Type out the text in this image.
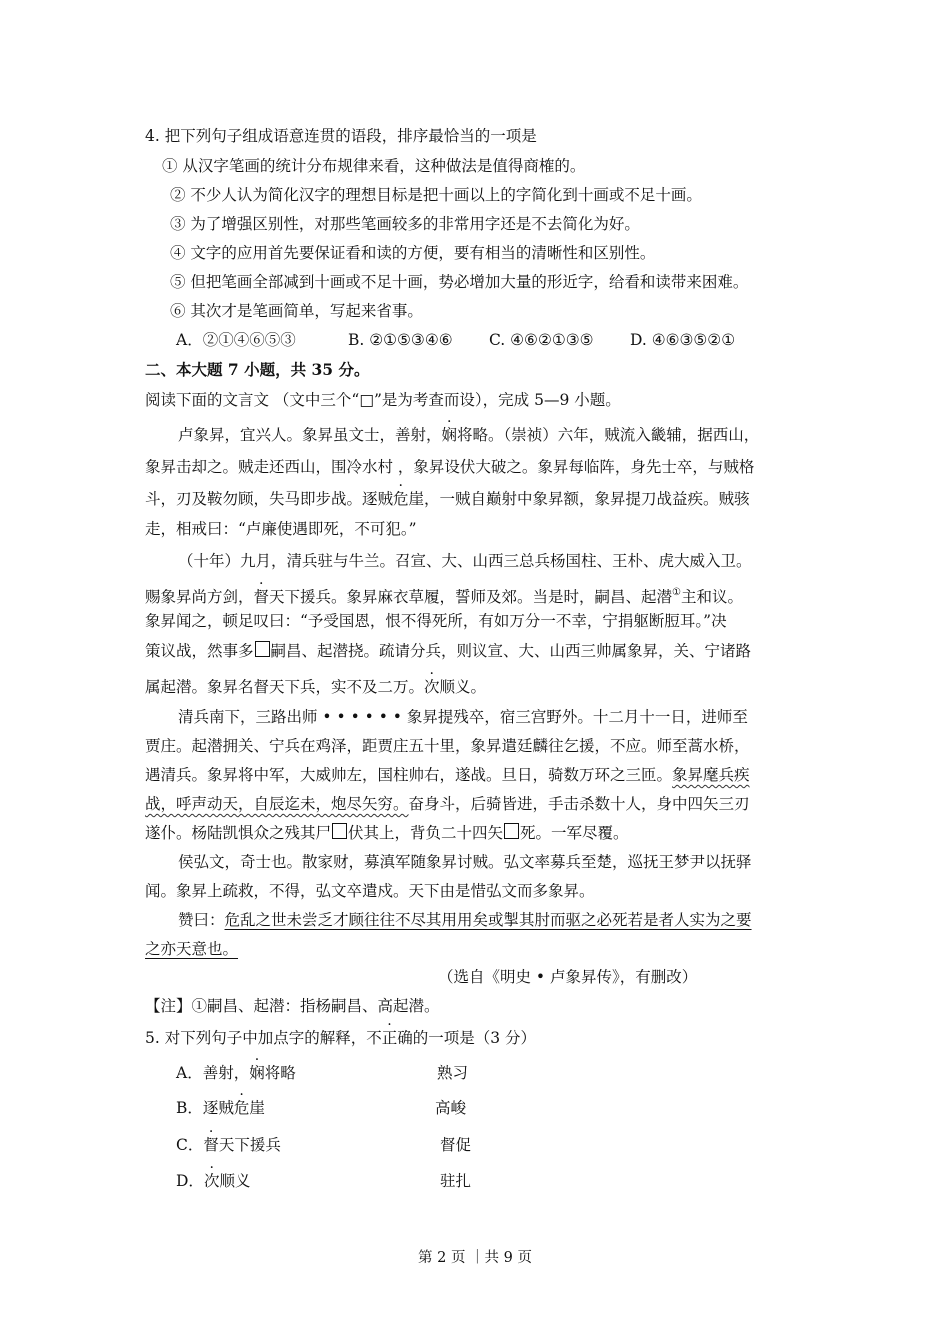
4. 把下列句子组成语意连贯的语段，排序最恰当的一项是
① 从汉字笔画的统计分布规律来看，这种做法是值得商榷的。
② 不少人认为简化汉字的理想目标是把十画以上的字简化到十画或不足十画。
③ 为了增强区别性，对那些笔画较多的非常用字还是不去简化为好。
④ 文字的应用首先要保证看和读的方便，要有相当的清晰性和区别性。
⑤ 但把笔画全部减到十画或不足十画，势必增加大量的形近字，给看和读带来困难。
⑥ 其次才是笔画简单，写起来省事。
A．②①④⑥⑤③	B. ②①⑤③④⑥ C. ④⑥②①③⑤ D. ④⑥③⑤②①
二、本大题 7 小题，共 35 分。
阅读下面的文言文 （文中三个“□”是为考查而设），完成 5—9 小题。
卢象昇，宜兴人。象昇虽文士，善射，娴将略。（崇祯）六年，贼流入畿辅，据西山，
象昇击却之。贼走还西山，围冷水村 ，象昇设伏大破之。象昇每临阵，身先士卒，与贼格
斗，刃及鞍勿顾，失马即步战。逐贼危崖，一贼自巅射中象昇额，象昇提刀战益疾。贼骇
走，相戒曰：“卢廉使遇即死，不可犯。”
（十年）九月，清兵驻与牛兰。召宣、大、山西三总兵杨国柱、王朴、虎大威入卫。
赐象昇尚方剑，督天下援兵。象昇麻衣草履，誓师及郊。当是时，嗣昌、起潜①主和议。
象昇闻之，顿足叹曰：“予受国恩，恨不得死所，有如万分一不幸，宁捐躯断脰耳。”决
策议战，然事多 嗣昌、起潜挠。疏请分兵，则议宣、大、山西三帅属象昇，关、宁诸路
属起潜。象昇名督天下兵，实不及二万。次顺义。
清兵南下，三路出师 • • • • • • 象昇提残卒，宿三宫野外。十二月十一日，进师至
贾庄。起潜拥关、宁兵在鸡泽，距贾庄五十里，象昇遣廷麟往乞援，不应。师至蒿水桥，
遇清兵。象昇将中军，大威帅左，国柱帅右，遂战。旦日，骑数万环之三匝。象昇麾兵疾
战，呼声动天，自辰迄未，炮尽矢穷。奋身斗，后骑皆进，手击杀数十人，身中四矢三刃
遂仆。杨陆凯惧众之残其尸 伏其上，背负二十四矢 死。一军尽覆。
侯弘文，奇士也。散家财，募滇军随象昇讨贼。弘文率募兵至楚，巡抚王梦尹以抚驿
闻。象昇上疏救，不得，弘文卒遣戍。天下由是惜弘文而多象昇。
赞曰：危乱之世未尝乏才顾往往不尽其用用矣或掣其肘而驱之必死若是者人实为之要
之亦天意也。
（选自《明史 • 卢象昇传》，有删改）
【注】①嗣昌、起潜：指杨嗣昌、高起潜。
5. 对下列句子中加点字的解释，不正确的一项是（3 分）
A．善射，娴将略	熟习
B．逐贼危崖	高峻
C．督天下援兵	督促
D．次顺义	驻扎
第 2 页 ｜共 9 页
